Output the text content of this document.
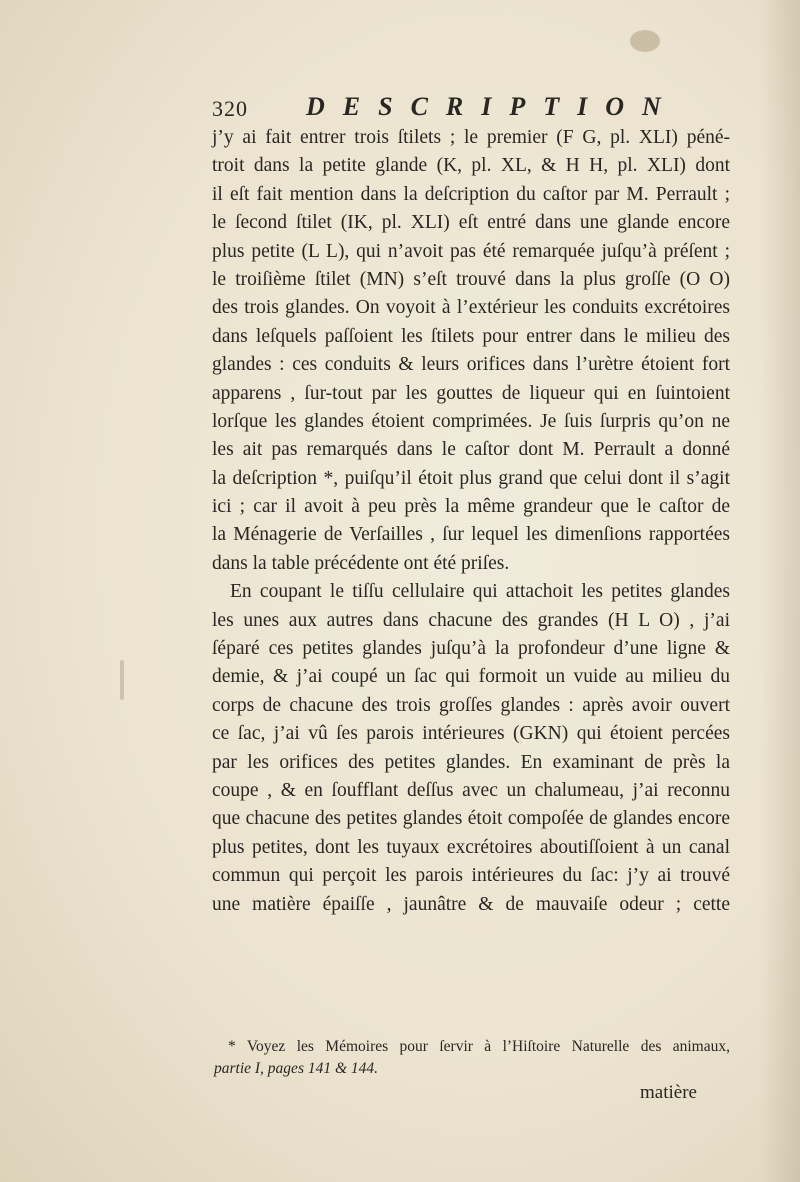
320 DESCRIPTION
j’y ai fait entrer trois ſtilets ; le premier (F G, pl. XLI) péné-
troit dans la petite glande (K, pl. XL, & H H, pl. XLI) dont
il eſt fait mention dans la deſcription du caſtor par M. Perrault ;
le ſecond ſtilet (IK, pl. XLI) eſt entré dans une glande encore
plus petite (L L), qui n’avoit pas été remarquée juſqu’à préſent ;
le troiſième ſtilet (MN) s’eſt trouvé dans la plus groſſe (O O)
des trois glandes. On voyoit à l’extérieur les conduits excrétoires
dans leſquels paſſoient les ſtilets pour entrer dans le milieu des
glandes : ces conduits & leurs orifices dans l’urètre étoient fort
apparens , ſur-tout par les gouttes de liqueur qui en ſuintoient
lorſque les glandes étoient comprimées. Je ſuis ſurpris qu’on ne
les ait pas remarqués dans le caſtor dont M. Perrault a donné
la deſcription *, puiſqu’il étoit plus grand que celui dont il s’agit
ici ; car il avoit à peu près la même grandeur que le caſtor de
la Ménagerie de Verſailles , ſur lequel les dimenſions rapportées
dans la table précédente ont été priſes.
En coupant le tiſſu cellulaire qui attachoit les petites glandes
les unes aux autres dans chacune des grandes (H L O) , j’ai
ſéparé ces petites glandes juſqu’à la profondeur d’une ligne &
demie, & j’ai coupé un ſac qui formoit un vuide au milieu du
corps de chacune des trois groſſes glandes : après avoir ouvert
ce ſac, j’ai vû ſes parois intérieures (GKN) qui étoient percées
par les orifices des petites glandes. En examinant de près la
coupe , & en ſoufflant deſſus avec un chalumeau, j’ai reconnu
que chacune des petites glandes étoit compoſée de glandes encore
plus petites, dont les tuyaux excrétoires aboutiſſoient à un canal
commun qui perçoit les parois intérieures du ſac: j’y ai trouvé
une matière épaiſſe , jaunâtre & de mauvaiſe odeur ; cette
* Voyez les Mémoires pour ſervir à l’Hiſtoire Naturelle des animaux,
partie I, pages 141 & 144.
matière
